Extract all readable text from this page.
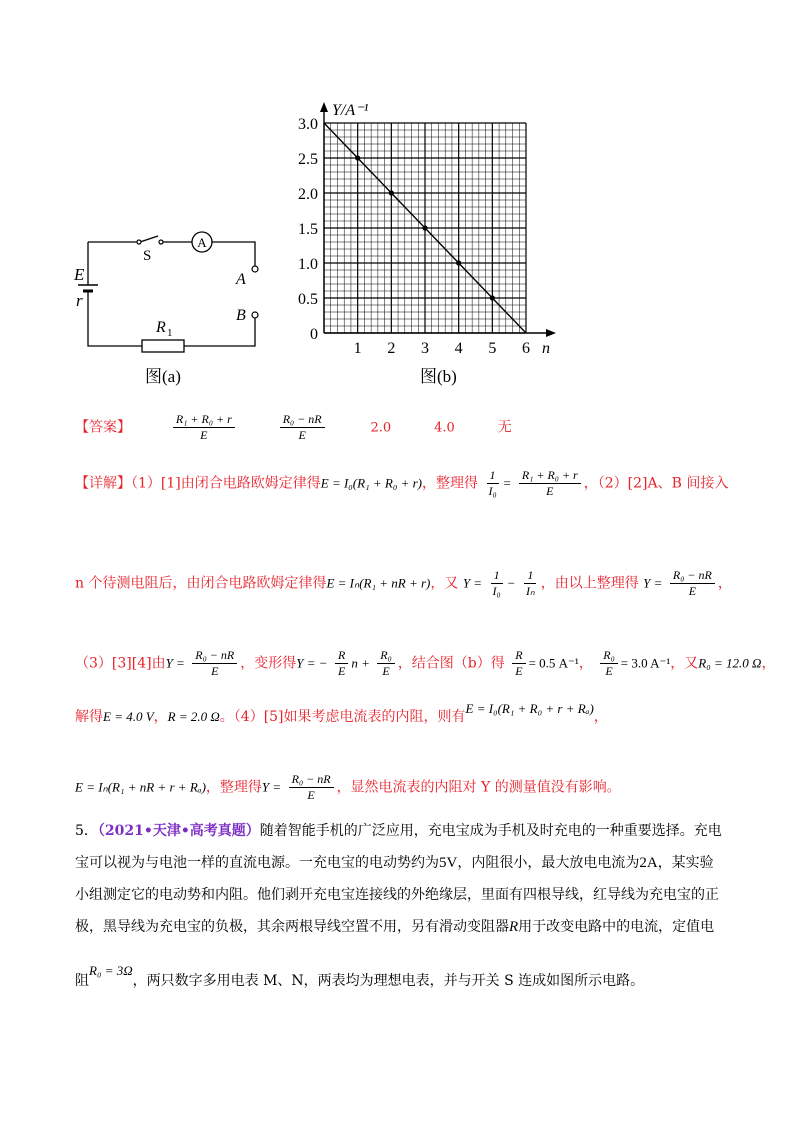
A
S
E
r
A
B
R 1
图(a)
0
0.5
1.0
1.5
2.0
2.5
3.0
1 2 3 4 5 6
Y/A⁻¹
n
图(b)
【答案】	$\frac{\text{R₁ + R₀ + r}}{E}$
	$\frac{\text{R₀ − nR}}{E}$	2.0	4.0	无
【详解】（1）[1]由闭合电路欧姆定律得E = I₀(R₁ + R₀ + r)，整理得 $\frac{1}{\text{I₀}} = \frac{\text{R₁ + R₀ + r}}{E}$ ，（2）[2]A、B 间接入
n 个待测电阻后，由闭合电路欧姆定律得E = Iₙ(R₁ + nR + r)，又 $Y = \frac{1}{\text{I₀}} - \frac{1}{\text{Iₙ}}$ ，由以上整理得 $Y = \frac{\text{R₀ − nR}}{E}$ ，
（3）[3][4]由$Y = \frac{\text{R₀ − nR}}{E}$ ，变形得Y = − $\frac{R}{E}$ $n + \frac{\text{R₀}}{E}$ ，结合图（b）得 $\frac{R}{E} = 0.5$ A⁻¹， $\frac{\text{R₀}}{E} = 3.0$ A⁻¹，又R₀ = 12.0 Ω，
解得E = 4.0 V，R = 2.0 Ω。（4）[5]如果考虑电流表的内阻，则有E = I₀(R₁ + R₀ + r + Rₐ)，
E = Iₙ(R₁ + nR + r + Rₐ)，整理得$Y = \frac{\text{R₀ − nR}}{E}$ ，显然电流表的内阻对 Y 的测量值没有影响。
5．（2021•天津•高考真题）随着智能手机的广泛应用，充电宝成为手机及时充电的一种重要选择。充电
宝可以视为与电池一样的直流电源。一充电宝的电动势约为5V，内阻很小，最大放电电流为2A，某实验
小组测定它的电动势和内阻。他们剥开充电宝连接线的外绝缘层，里面有四根导线，红导线为充电宝的正
极，黑导线为充电宝的负极，其余两根导线空置不用，另有滑动变阻器R用于改变电路中的电流，定值电
阻R₀ = 3Ω，两只数字多用电表 M、N，两表均为理想电表，并与开关 S 连成如图所示电路。
